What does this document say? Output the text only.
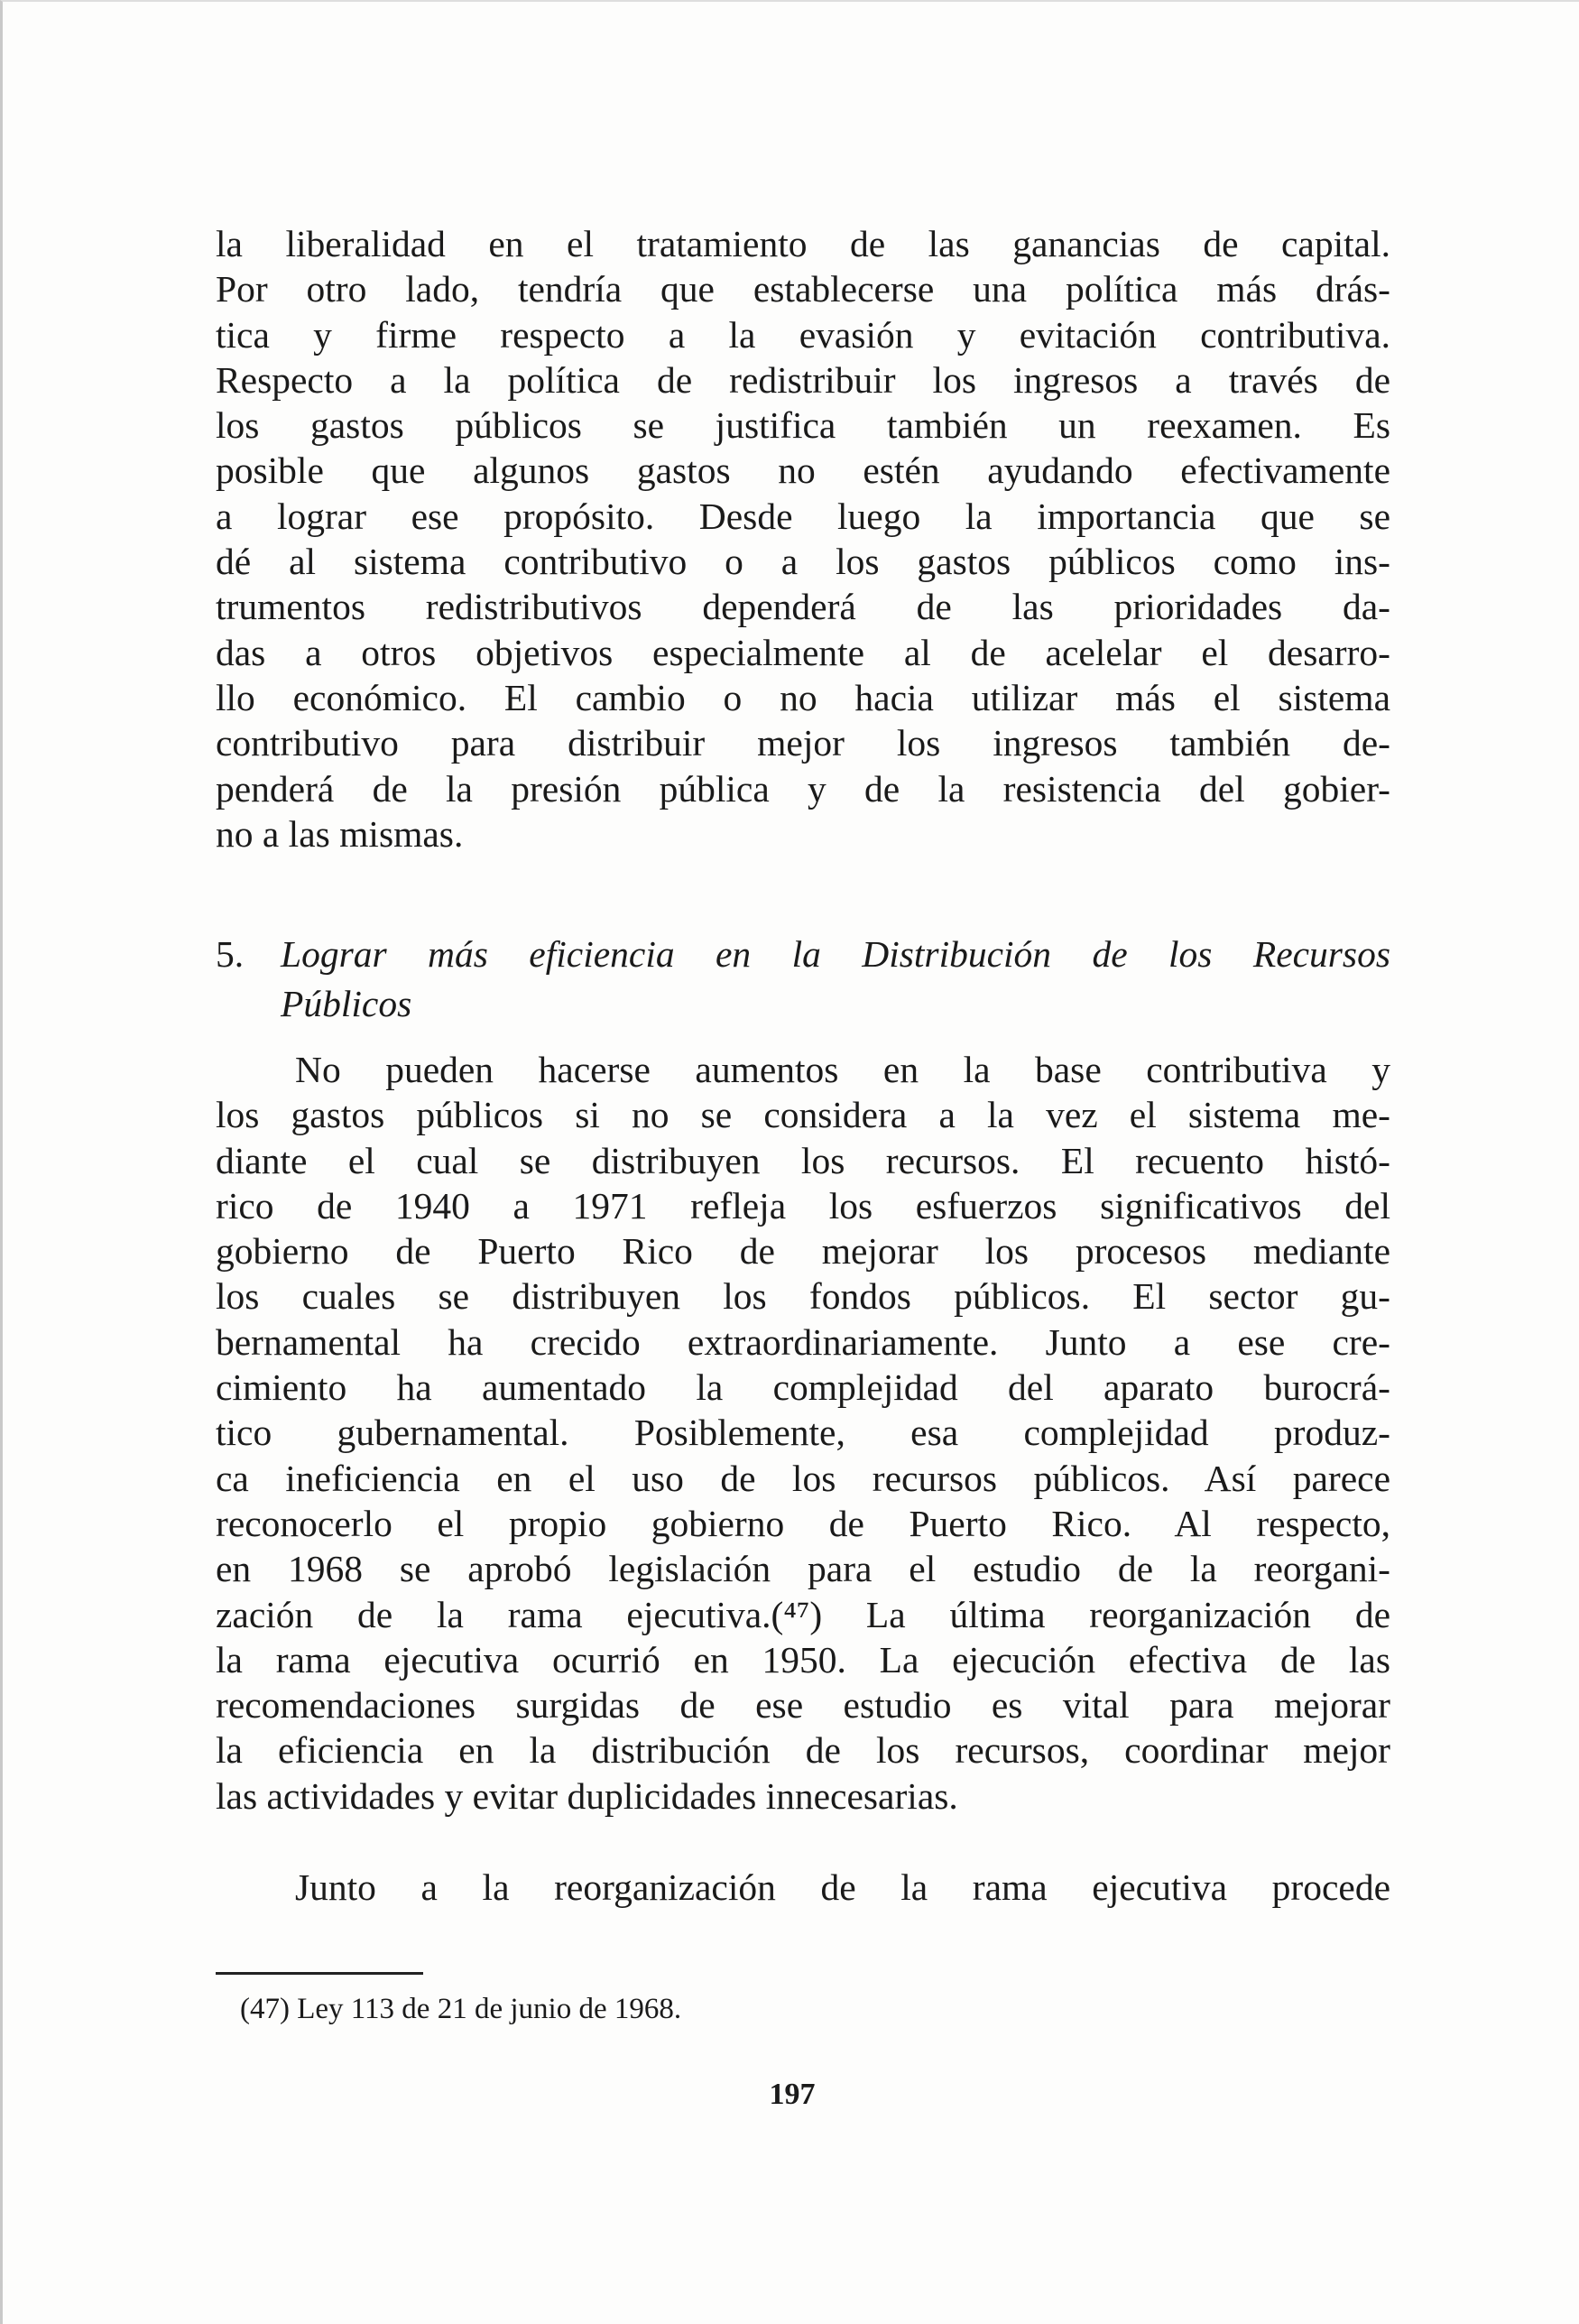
la liberalidad en el tratamiento de las ganancias de capital.
Por otro lado, tendría que establecerse una política más drás-
tica y firme respecto a la evasión y evitación contributiva.
Respecto a la política de redistribuir los ingresos a través de
los gastos públicos se justifica también un reexamen. Es
posible que algunos gastos no estén ayudando efectivamente
a lograr ese propósito. Desde luego la importancia que se
dé al sistema contributivo o a los gastos públicos como ins-
trumentos redistributivos dependerá de las prioridades da-
das a otros objetivos especialmente al de acelelar el desarro-
llo económico. El cambio o no hacia utilizar más el sistema
contributivo para distribuir mejor los ingresos también de-
penderá de la presión pública y de la resistencia del gobier-
no a las mismas.
5. Lograr más eficiencia en la Distribución de los Recursos
Públicos
No pueden hacerse aumentos en la base contributiva y
los gastos públicos si no se considera a la vez el sistema me-
diante el cual se distribuyen los recursos. El recuento histó-
rico de 1940 a 1971 refleja los esfuerzos significativos del
gobierno de Puerto Rico de mejorar los procesos mediante
los cuales se distribuyen los fondos públicos. El sector gu-
bernamental ha crecido extraordinariamente. Junto a ese cre-
cimiento ha aumentado la complejidad del aparato burocrá-
tico gubernamental. Posiblemente, esa complejidad produz-
ca ineficiencia en el uso de los recursos públicos. Así parece
reconocerlo el propio gobierno de Puerto Rico. Al respecto,
en 1968 se aprobó legislación para el estudio de la reorgani-
zación de la rama ejecutiva.(⁴⁷) La última reorganización de
la rama ejecutiva ocurrió en 1950. La ejecución efectiva de las
recomendaciones surgidas de ese estudio es vital para mejorar
la eficiencia en la distribución de los recursos, coordinar mejor
las actividades y evitar duplicidades innecesarias.
Junto a la reorganización de la rama ejecutiva procede
(47) Ley 113 de 21 de junio de 1968.
197
